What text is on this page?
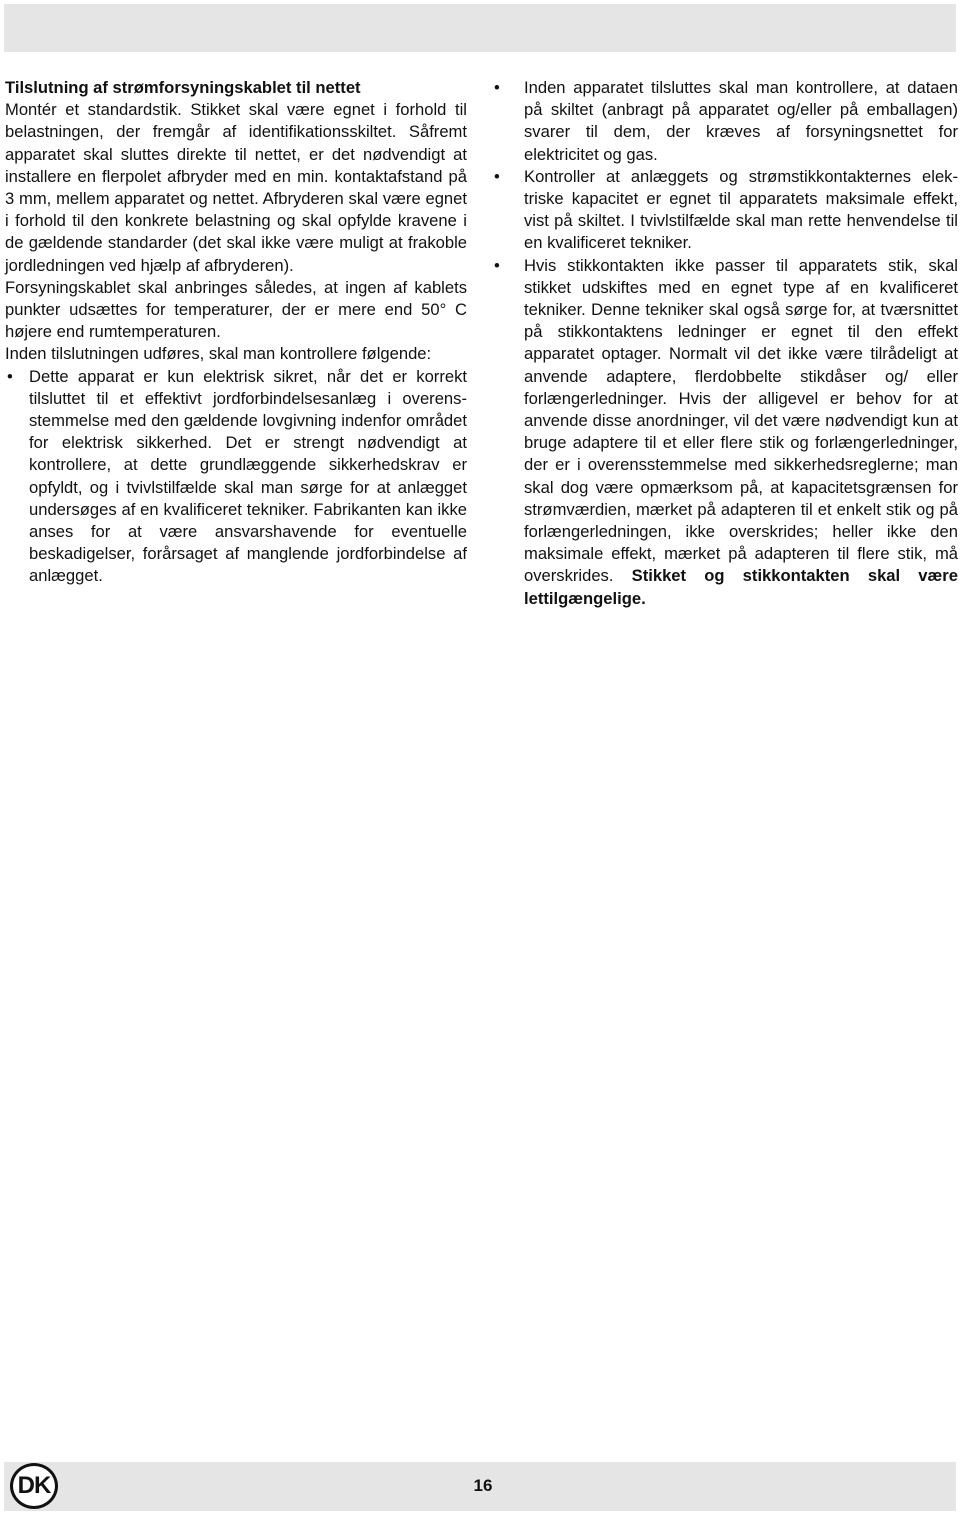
Tilslutning af strømforsyningskablet til nettet

Montér et standardstik. Stikket skal være egnet i forhold til belastningen, der fremgår af identifikationsskiltet. Såfremt apparatet skal sluttes direkte til nettet, er det nødvendigt at installere en flerpolet afbryder med en min. kontaktafstand på 3 mm, mellem apparatet og nettet. Afbryderen skal være egnet i forhold til den konkrete belastning og skal opfylde kravene i de gældende standarder (det skal ikke være muligt at frakoble jordledningen ved hjælp af afbryderen).

Forsyningskablet skal anbringes således, at ingen af kablets punkter udsættes for temperaturer, der er mere end 50° C højere end rumtemperaturen.

Inden tilslutningen udføres, skal man kontrollere følgende:

• Dette apparat er kun elektrisk sikret, når det er korrekt tilsluttet til et effektivt jordforbindelsesanlæg i overensstemmelse med den gældende lovgivning indenfor området for elektrisk sikkerhed. Det er strengt nødvendigt at kontrollere, at dette grundlæggende sikkerhedskrav er opfyldt, og i tvivlstilfælde skal man sørge for at anlægget undersøges af en kvalificeret tekniker. Fabrikanten kan ikke anses for at være ansvarshavende for eventuelle beskadigelser, forårsaget af manglende jordforbindelse af anlægget.
• Inden apparatet tilsluttes skal man kontrollere, at dataen på skiltet (anbragt på apparatet og/eller på emballagen) svarer til dem, der kræves af forsyningsnettet for elektricitet og gas.
• Kontroller at anlæggets og strømstikkontakternes elektriske kapacitet er egnet til apparatets maksimale effekt, vist på skiltet. I tvivlstilfælde skal man rette henvendelse til en kvalificeret tekniker.
• Hvis stikkontakten ikke passer til apparatets stik, skal stikket udskiftes med en egnet type af en kvalificeret tekniker. Denne tekniker skal også sørge for, at tværsnittet på stikkontaktens ledninger er egnet til den effekt apparatet optager. Normalt vil det ikke være tilrådeligt at anvende adaptere, flerdobbelte stikdåser og/ eller forlængerledninger. Hvis der alligevel er behov for at anvende disse anordninger, vil det være nødvendigt kun at bruge adaptere til et eller flere stik og forlængerledninger, der er i overensstemmelse med sikkerhedsreglerne; man skal dog være opmærksom på, at kapacitetsgrænsen for strømværdien, mærket på adapteren til et enkelt stik og på forlængerledningen, ikke overskrides; heller ikke den maksimale effekt, mærket på adapteren til flere stik, må overskrides. Stikket og stikkontakten skal være lettilgængelige.
DK	16
